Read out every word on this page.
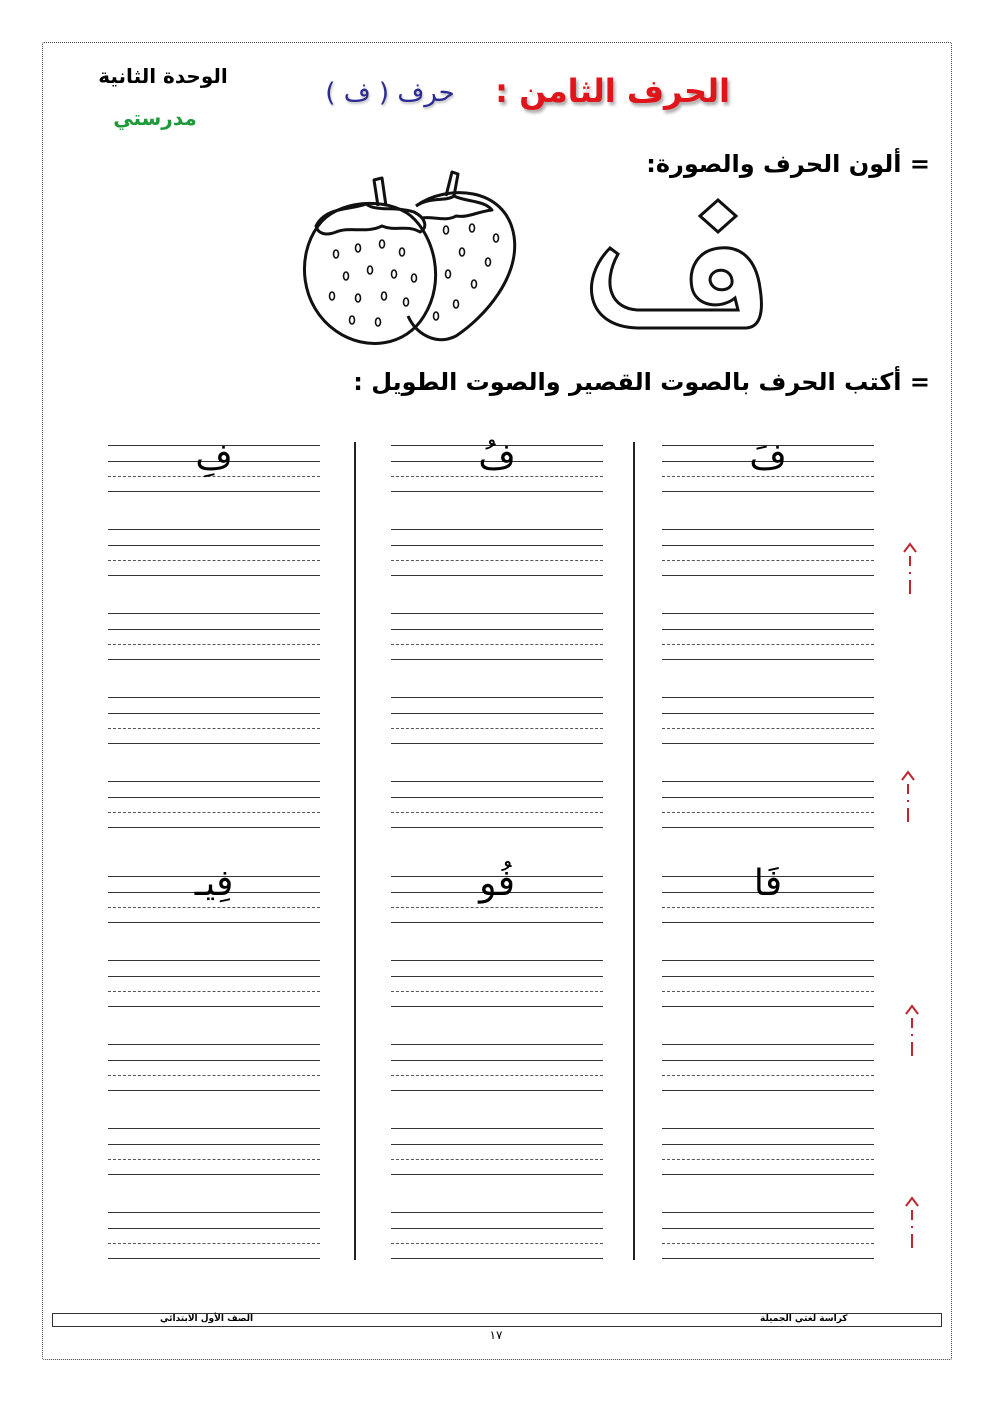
الوحدة الثانية
مدرستي
الحرف الثامن :
حرف ( ف )
= ألون الحرف والصورة:
= أكتب الحرف بالصوت القصير والصوت الطويل :
فَ
فُ
فِ
فَا
فُو
فِيـ
الصف الأول الابتدائي	كراسة لغتي الجميلة
١٧
